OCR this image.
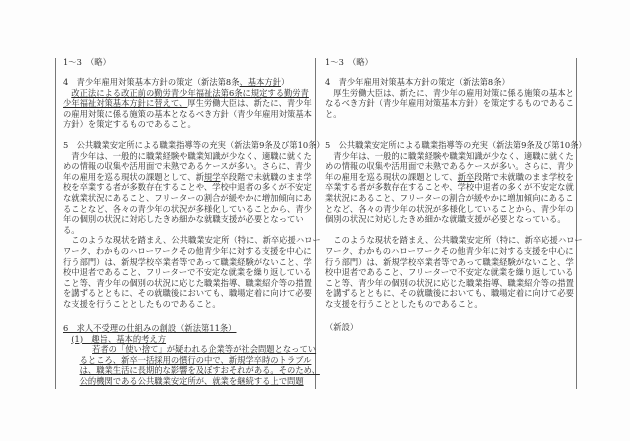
1～3　（略）
4　青少年雇用対策基本方針の策定（新法第8条、基本方針）
改正法による改正前の勤労青少年福祉法第6条に規定する勤労青
少年福祉対策基本方針に替えて、厚生労働大臣は、新たに、青少年
の雇用対策に係る施策の基本となるべき方針（青少年雇用対策基本
方針）を策定するものであること。
5　公共職業安定所による職業指導等の充実（新法第9条及び第10条）
青少年は、一般的に職業経験や職業知識が少なく、適職に就くた
めの情報の収集や活用面で未熟であるケースが多い。さらに、青少
年の雇用を巡る現状の課題として、新規学卒段階で未就職のまま学
校を卒業する者が多数存在することや、学校中退者の多くが不安定
な就業状況にあること、フリーターの割合が緩やかに増加傾向にあ
ることなど、各々の青少年の状況が多様化していることから、青少
年の個別の状況に対応したきめ細かな就職支援が必要となってい
る。
このような現状を踏まえ、公共職業安定所（特に、新卒応援ハロー
ワーク、わかものハローワークその他青少年に対する支援を中心に
行う部門）は、新規学校卒業者等であって職業経験がないこと、学
校中退者であること、フリーターで不安定な就業を繰り返している
こと等、青少年の個別の状況に応じた職業指導、職業紹介等の措置
を講ずるとともに、その就職後においても、職場定着に向けて必要
な支援を行うこととしたものであること。
6　求人不受理の仕組みの創設（新法第11条）
(1)　趣旨、基本的考え方
若者の「使い捨て」が疑われる企業等が社会問題となってい
るところ、新卒一括採用の慣行の中で、新規学卒時のトラブル
は、職業生活に長期的な影響を及ぼすおそれがある。そのため、
公的機関である公共職業安定所が、就業を継続する上で問題
1～3　（略）
4　青少年雇用対策基本方針の策定（新法第8条）
厚生労働大臣は、新たに、青少年の雇用対策に係る施策の基本と
なるべき方針（青少年雇用対策基本方針）を策定するものであるこ
と。
5　公共職業安定所による職業指導等の充実（新法第9条及び第10条）
青少年は、一般的に職業経験や職業知識が少なく、適職に就くた
めの情報の収集や活用面で未熟であるケースが多い。さらに、青少
年の雇用を巡る現状の課題として、新卒段階で未就職のまま学校を
卒業する者が多数存在することや、学校中退者の多くが不安定な就
業状況にあること、フリーターの割合が緩やかに増加傾向にあるこ
となど、各々の青少年の状況が多様化していることから、青少年の
個別の状況に対応したきめ細かな就職支援が必要となっている。
このような現状を踏まえ、公共職業安定所（特に、新卒応援ハロー
ワーク、わかものハローワークその他青少年に対する支援を中心に
行う部門）は、新規学校卒業者等であって職業経験がないこと、学
校中退者であること、フリーターで不安定な就業を繰り返している
こと等、青少年の個別の状況に応じた職業指導、職業紹介等の措置
を講ずるとともに、その就職後においても、職場定着に向けて必要
な支援を行うこととしたものであること。
（新設）
